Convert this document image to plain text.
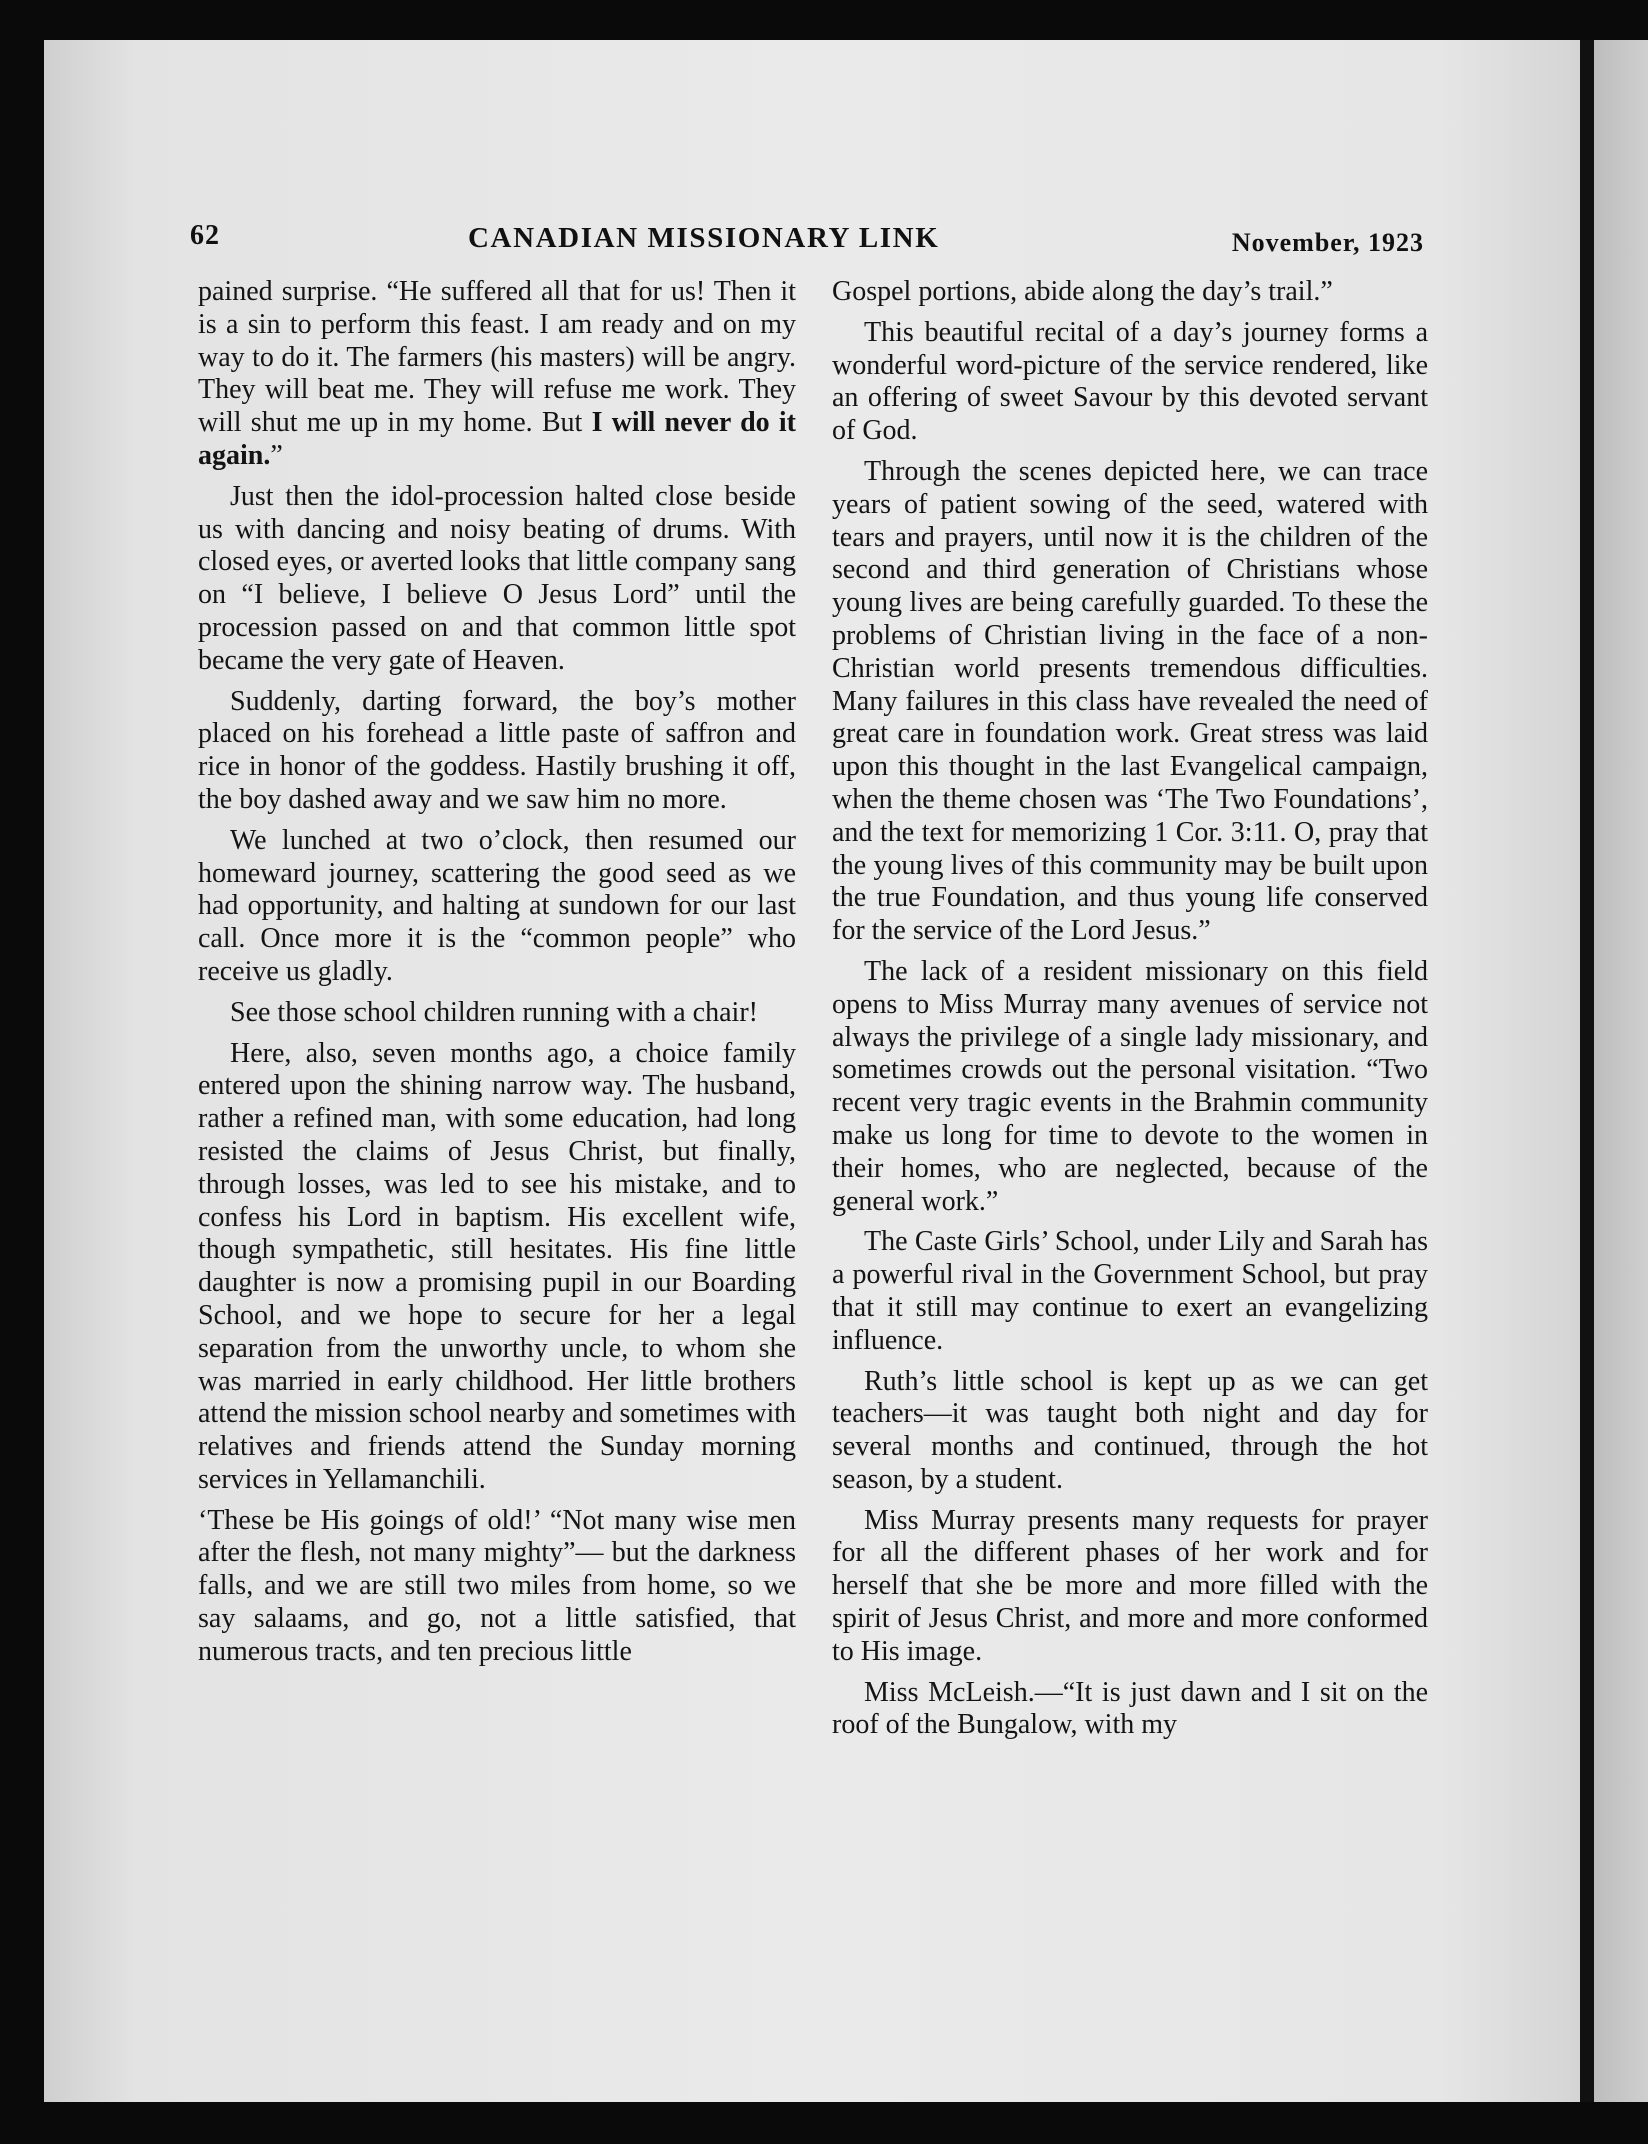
62	CANADIAN MISSIONARY LINK	November, 1923

pained surprise. “He suffered all that for us! Then it is a sin to perform this feast. I am ready and on my way to do it. The farmers (his masters) will be angry. They will beat me. They will refuse me work. They will shut me up in my home. But I will never do it again.”

Just then the idol-procession halted close beside us with dancing and noisy beating of drums. With closed eyes, or averted looks that little company sang on “I believe, I believe O Jesus Lord” until the procession passed on and that common little spot became the very gate of Heaven.

Suddenly, darting forward, the boy’s mother placed on his forehead a little paste of saffron and rice in honor of the goddess. Hastily brushing it off, the boy dashed away and we saw him no more.

We lunched at two o’clock, then resumed our homeward journey, scattering the good seed as we had opportunity, and halting at sundown for our last call. Once more it is the “common people” who receive us gladly.

See those school children running with a chair!

Here, also, seven months ago, a choice family entered upon the shining narrow way. The husband, rather a refined man, with some education, had long resisted the claims of Jesus Christ, but finally, through losses, was led to see his mistake, and to confess his Lord in baptism. His excellent wife, though sympathetic, still hesitates. His fine little daughter is now a promising pupil in our Boarding School, and we hope to secure for her a legal separation from the unworthy uncle, to whom she was married in early childhood. Her little brothers attend the mission school nearby and sometimes with relatives and friends attend the Sunday morning services in Yellamanchili.

‘These be His goings of old!’ “Not many wise men after the flesh, not many mighty”— but the darkness falls, and we are still two miles from home, so we say salaams, and go, not a little satisfied, that numerous tracts, and ten precious little

Gospel portions, abide along the day’s trail.”

This beautiful recital of a day’s journey forms a wonderful word-picture of the service rendered, like an offering of sweet Savour by this devoted servant of God.

Through the scenes depicted here, we can trace years of patient sowing of the seed, watered with tears and prayers, until now it is the children of the second and third generation of Christians whose young lives are being carefully guarded. To these the problems of Christian living in the face of a non-Christian world presents tremendous difficulties. Many failures in this class have revealed the need of great care in foundation work. Great stress was laid upon this thought in the last Evangelical campaign, when the theme chosen was ‘The Two Foundations’, and the text for memorizing 1 Cor. 3:11. O, pray that the young lives of this community may be built upon the true Foundation, and thus young life conserved for the service of the Lord Jesus.”

The lack of a resident missionary on this field opens to Miss Murray many avenues of service not always the privilege of a single lady missionary, and sometimes crowds out the personal visitation. “Two recent very tragic events in the Brahmin community make us long for time to devote to the women in their homes, who are neglected, because of the general work.”

The Caste Girls’ School, under Lily and Sarah has a powerful rival in the Government School, but pray that it still may continue to exert an evangelizing influence.

Ruth’s little school is kept up as we can get teachers—it was taught both night and day for several months and continued, through the hot season, by a student.

Miss Murray presents many requests for prayer for all the different phases of her work and for herself that she be more and more filled with the spirit of Jesus Christ, and more and more conformed to His image.

Miss McLeish.—“It is just dawn and I sit on the roof of the Bungalow, with my
